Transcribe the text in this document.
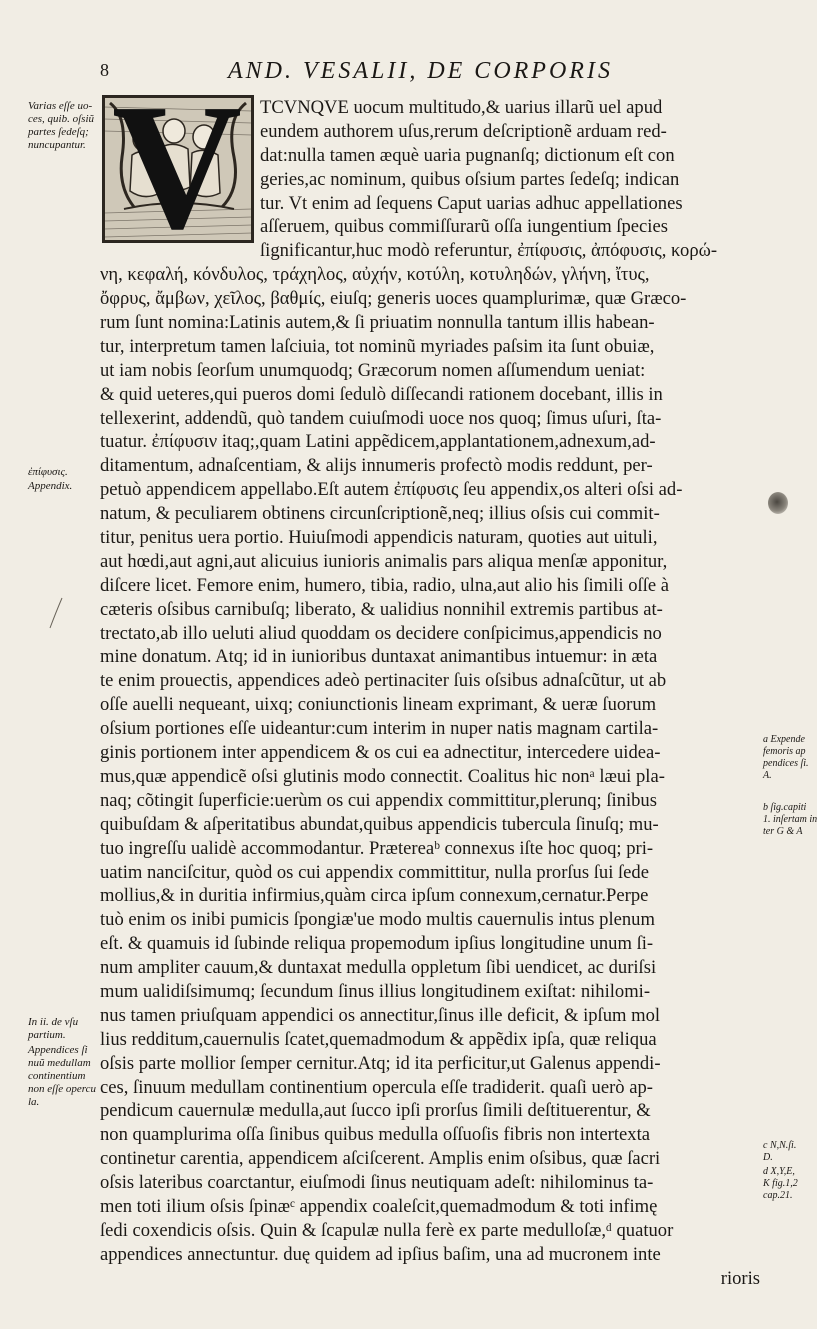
8	AND. VESALII, DE CORPORIS
V TCVNQVE uocum multitudo,& uarius illarũ uel apud
eundem authorem uſus,rerum deſcriptionẽ arduam red-
dat:nulla tamen æquè uaria pugnanſq; dictionum eſt con
geries,ac nominum, quibus oſsium partes ſedeſq; indican
tur. Vt enim ad ſequens Caput uarias adhuc appellationes
aſſeruem, quibus commiſſurarũ oſſa iungentium ſpecies
ſignificantur,huc modò referuntur, ἐπίφυσις, ἀπόφυσις, κορώ-
νη, κεφαλή, κόνδυλος, τράχηλος, αὐχήν, κοτύλη, κοτυληδών, γλήνη, ἴτυς,
ὄφρυς, ἄμβων, χεῖλος, βαθμίς, eiuſq; generis uoces quamplurimæ, quæ Græco-
rum ſunt nomina:Latinis autem,& ſi priuatim nonnulla tantum illis habean-
tur, interpretum tamen laſciuia, tot nominũ myriades paſsim ita ſunt obuiæ,
ut iam nobis ſeorſum unumquodq; Græcorum nomen aſſumendum ueniat:
& quid ueteres,qui pueros domi ſedulò diſſecandi rationem docebant, illis in
tellexerint, addendũ, quò tandem cuiuſmodi uoce nos quoq; ſimus uſuri, ſta-
tuatur. ἐπίφυσιν itaq;,quam Latini appẽdicem,applantationem,adnexum,ad-
ditamentum, adnaſcentiam, & alijs innumeris profectò modis reddunt, per-
petuò appendicem appellabo.Eſt autem ἐπίφυσις ſeu appendix,os alteri oſsi ad-
natum, & peculiarem obtinens circunſcriptionẽ,neq; illius oſsis cui commit-
titur, penitus uera portio. Huiuſmodi appendicis naturam, quoties aut uituli,
aut hœdi,aut agni,aut alicuius iunioris animalis pars aliqua menſæ apponitur,
diſcere licet. Femore enim, humero, tibia, radio, ulna,aut alio his ſimili oſſe à
cæteris oſsibus carnibuſq; liberato, & ualidius nonnihil extremis partibus at-
trectato,ab illo ueluti aliud quoddam os decidere conſpicimus,appendicis no
mine donatum. Atq; id in iunioribus duntaxat animantibus intuemur: in æta
te enim prouectis, appendices adeò pertinaciter ſuis oſsibus adnaſcũtur, ut ab
oſſe auelli nequeant, uixq; coniunctionis lineam exprimant, & ueræ ſuorum
oſsium portiones eſſe uideantur:cum interim in nuper natis magnam cartila-
ginis portionem inter appendicem & os cui ea adnectitur, intercedere uidea-
mus,quæ appendicẽ oſsi glutinis modo connectit. Coalitus hic nonᵃ læui pla-
naq; cõtingit ſuperficie:uerùm os cui appendix committitur,plerunq; ſinibus
quibuſdam & aſperitatibus abundat,quibus appendicis tubercula ſinuſq; mu-
tuo ingreſſu ualidè accommodantur. Prætereaᵇ connexus iſte hoc quoq; pri-
uatim nanciſcitur, quòd os cui appendix committitur, nulla prorſus ſui ſede
mollius,& in duritia infirmius,quàm circa ipſum connexum,cernatur.Perpe
tuò enim os inibi pumicis ſpongiæ'ue modo multis cauernulis intus plenum
eſt. & quamuis id ſubinde reliqua propemodum ipſius longitudine unum ſi-
num ampliter cauum,& duntaxat medulla oppletum ſibi uendicet, ac duriſsi
mum ualidiſsimumq; ſecundum ſinus illius longitudinem exiſtat: nihilomi-
nus tamen priuſquam appendici os annectitur,ſinus ille deficit, & ipſum mol
lius redditum,cauernulis ſcatet,quemadmodum & appẽdix ipſa, quæ reliqua
oſsis parte mollior ſemper cernitur.Atq; id ita perficitur,ut Galenus appendi-
ces, ſinuum medullam continentium opercula eſſe tradiderit. quaſi uerò ap-
pendicum cauernulæ medulla,aut ſucco ipſi prorſus ſimili deſtituerentur, &
non quamplurima oſſa ſinibus quibus medulla oſſuoſis fibris non intertexta
continetur carentia, appendicem aſciſcerent. Amplis enim oſsibus, quæ ſacri
oſsis lateribus coarctantur, eiuſmodi ſinus neutiquam adeſt: nihilominus ta-
men toti ilium oſsis ſpinæᶜ appendix coaleſcit,quemadmodum & toti infimę
ſedi coxendicis oſsis. Quin & ſcapulæ nulla ferè ex parte medulloſæ,ᵈ quatuor
appendices annectuntur. duę quidem ad ipſius baſim, una ad mucronem inte
rioris
Varias eſſe uo-
ces, quib. oſsiũ
partes ſedeſq;
nuncupantur.
ἐπίφυσις.
Appendix.
In ii. de vſu
partium.
Appendices ſi
nuũ medullam
continentium
non eſſe opercu
la.
a Expende
femoris ap
pendices ſi.
A.
b ſig.capiti
1. inſertam in
ter G & A
c N,N.ſi.
D.
d X,Y,E,
K fig.1,2
cap.21.
